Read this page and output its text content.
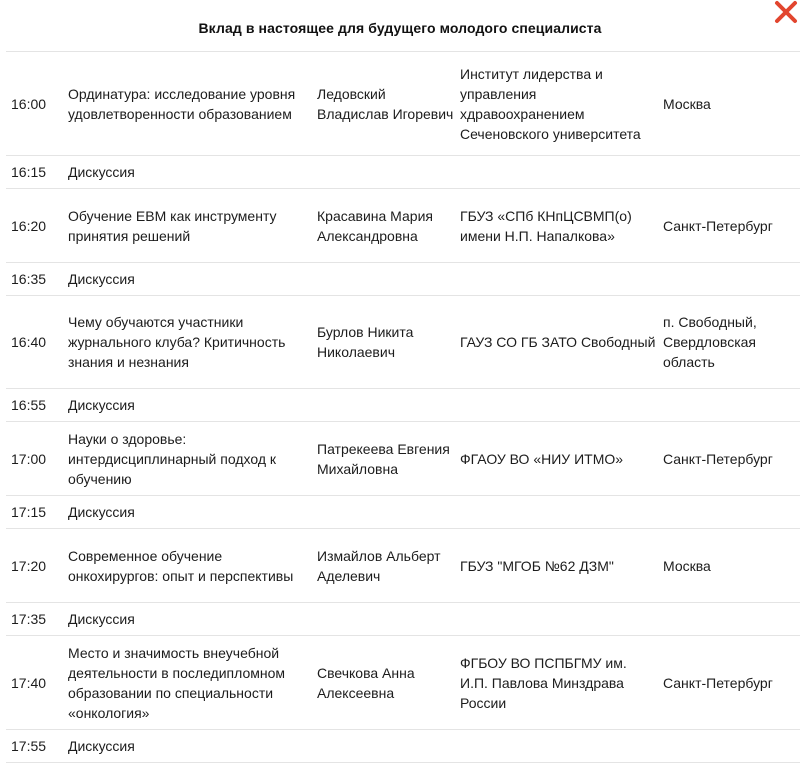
Вклад в настоящее для будущего молодого специалиста
16:00	Ординатура: исследование уровня удовлетворенности образованием	Ледовский Владислав Игоревич	Институт лидерства и управления хдравоохранением Сеченовского университета	Москва

16:15	Дискуссия			
16:20	Обучение ЕВМ как инструменту принятия решений	Красавина Мария Александровна	ГБУЗ «СПб КНпЦСВМП(о) имени Н.П. Напалкова»	Санкт-Петербург

16:35	Дискуссия			
16:40	Чему обучаются участники журнального клуба? Критичность знания и незнания	Бурлов Никита Николаевич	ГАУЗ СО ГБ ЗАТО Свободный	п. Свободный, Свердловская область

16:55	Дискуссия			
17:00	Науки о здоровье: интердисциплинарный подход к обучению	Патрекеева Евгения Михайловна	ФГАОУ ВО «НИУ ИТМО»	Санкт-Петербург

17:15	Дискуссия			
17:20	Современное обучение онкохирургов: опыт и перспективы	Измайлов Альберт Аделевич	ГБУЗ "МГОБ №62 ДЗМ"	Москва

17:35	Дискуссия			
17:40	Место и значимость внеучебной деятельности в последипломном образовании по специальности «онкология»	Свечкова Анна Алексеевна	ФГБОУ ВО ПСПБГМУ им. И.П. Павлова Минздрава России	Санкт-Петербург

17:55	Дискуссия			
